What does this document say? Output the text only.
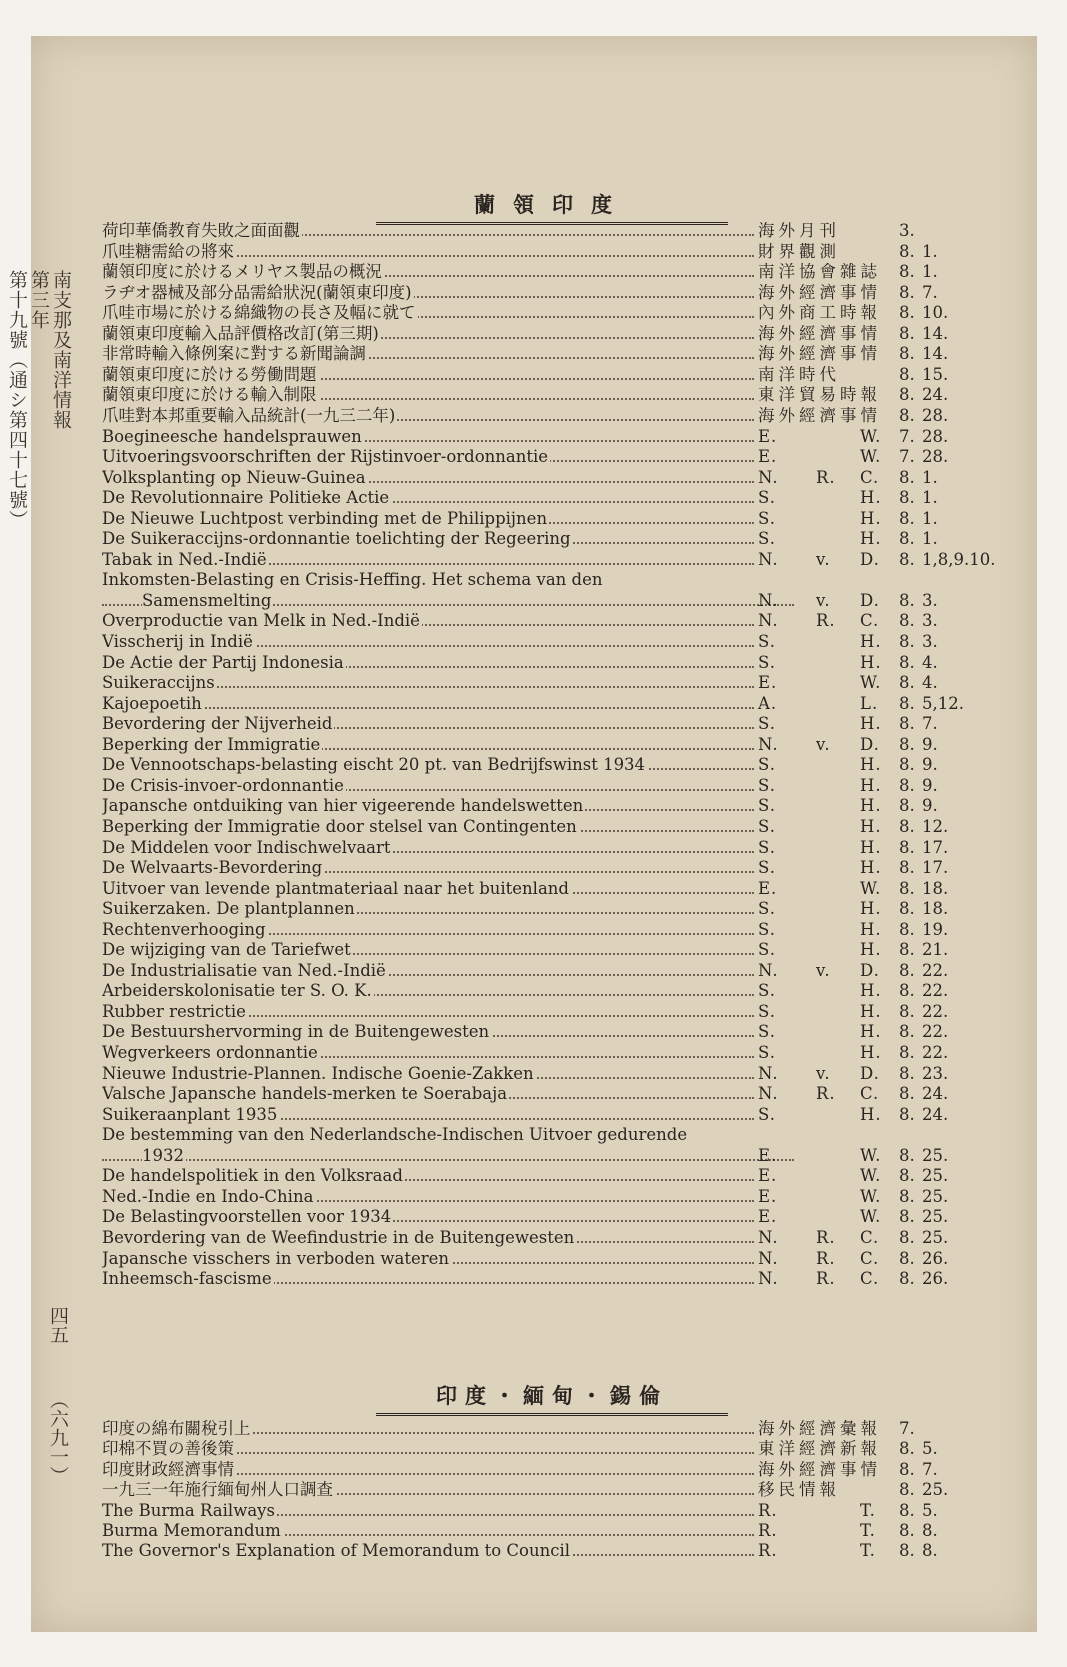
南支那及南洋情報
第三年
第十九號（通シ第四十七號）
四五
（六九一）
蘭領印度
印度・緬甸・錫倫
荷印華僑教育失敗之面面觀	海外月刊	3.
爪哇糖需給の將來	財界觀測	8. 1.
蘭領印度に於けるメリヤス製品の概況	南洋協會雜誌 8. 1.
ラヂオ器械及部分品需給狀況(蘭領東印度)	海外經濟事情 8. 7.
爪哇市場に於ける綿織物の長さ及幅に就て	內外商工時報 8. 10.
蘭領東印度輸入品評價格改訂(第三期)	海外經濟事情 8. 14.
非常時輸入條例案に對する新聞論調	海外經濟事情 8. 14.
蘭領東印度に於ける勞働問題	南洋時代	8. 15.
蘭領東印度に於ける輸入制限	東洋貿易時報 8. 24.
爪哇對本邦重要輸入品統計(一九三二年)	海外經濟事情 8. 28.
Boegineesche handelsprauwen	E.	W. 7. 28.
Uitvoeringsvoorschriften der Rijstinvoer-ordonnantie	E.	W. 7. 28.
Volksplanting op Nieuw-Guinea	N. R. C. 8. 1.
De Revolutionnaire Politieke Actie	S.	H. 8. 1.
De Nieuwe Luchtpost verbinding met de Philippijnen	S.	H. 8. 1.
De Suikeraccijns-ordonnantie toelichting der Regeering	S.	H. 8. 1.
Tabak in Ned.-Indië	N. v. D. 8. 1,8,9.10.
Inkomsten-Belasting en Crisis-Heffing. Het schema van den
Samensmelting	N. v. D. 8. 3.
Overproductie van Melk in Ned.-Indië	N. R. C. 8. 3.
Visscherij in Indië	S.	H. 8. 3.
De Actie der Partij Indonesia	S.	H. 8. 4.
Suikeraccijns	E.	W. 8. 4.
Kajoepoetih	A.	L. 8. 5,12.
Bevordering der Nijverheid	S.	H. 8. 7.
Beperking der Immigratie	N. v. D. 8. 9.
De Vennootschaps-belasting eischt 20 pt. van Bedrijfswinst 1934	S.	H. 8. 9.
De Crisis-invoer-ordonnantie	S.	H. 8. 9.
Japansche ontduiking van hier vigeerende handelswetten	S.	H. 8. 9.
Beperking der Immigratie door stelsel van Contingenten	S.	H. 8. 12.
De Middelen voor Indischwelvaart	S.	H. 8. 17.
De Welvaarts-Bevordering	S.	H. 8. 17.
Uitvoer van levende plantmateriaal naar het buitenland	E.	W. 8. 18.
Suikerzaken. De plantplannen	S.	H. 8. 18.
Rechtenverhooging	S.	H. 8. 19.
De wijziging van de Tariefwet	S.	H. 8. 21.
De Industrialisatie van Ned.-Indië	N. v. D. 8. 22.
Arbeiderskolonisatie ter S. O. K.	S.	H. 8. 22.
Rubber restrictie	S.	H. 8. 22.
De Bestuurshervorming in de Buitengewesten	S.	H. 8. 22.
Wegverkeers ordonnantie	S.	H. 8. 22.
Nieuwe Industrie-Plannen. Indische Goenie-Zakken	N. v. D. 8. 23.
Valsche Japansche handels-merken te Soerabaja	N. R. C. 8. 24.
Suikeraanplant 1935	S.	H. 8. 24.
De bestemming van den Nederlandsche-Indischen Uitvoer gedurende
1932	E.	W. 8. 25.
De handelspolitiek in den Volksraad	E.	W. 8. 25.
Ned.-Indie en Indo-China	E.	W. 8. 25.
De Belastingvoorstellen voor 1934	E.	W. 8. 25.
Bevordering van de Weefindustrie in de Buitengewesten	N. R. C. 8. 25.
Japansche visschers in verboden wateren	N. R. C. 8. 26.
Inheemsch-fascisme	N. R. C. 8. 26.
印度の綿布關稅引上	海外經濟彙報 7.
印棉不買の善後策	東洋經濟新報 8. 5.
印度財政經濟事情	海外經濟事情 8. 7.
一九三一年施行緬甸州人口調查	移民情報	8. 25.
The Burma Railways	R.	T. 8. 5.
Burma Memorandum	R.	T. 8. 8.
The Governor's Explanation of Memorandum to Council	R.	T. 8. 8.
